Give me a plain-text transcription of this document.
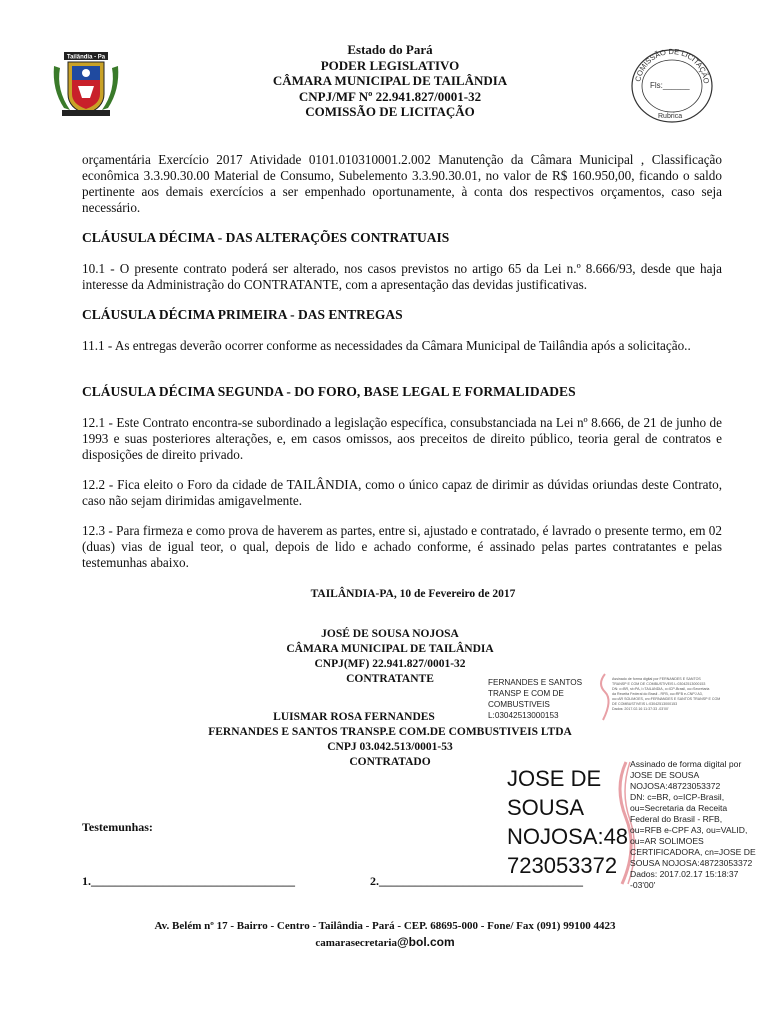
Tailândia - Pa
Estado do Pará
PODER LEGISLATIVO
CÂMARA MUNICIPAL DE TAILÂNDIA
CNPJ/MF Nº 22.941.827/0001-32
COMISSÃO DE LICITAÇÃO
COMISSÃO DE LICITAÇÃO
Fls:______
Rubrica
orçamentária Exercício 2017 Atividade 0101.010310001.2.002 Manutenção da Câmara Municipal , Classificação econômica 3.3.90.30.00 Material de Consumo, Subelemento 3.3.90.30.01, no valor de R$ 160.950,00, ficando o saldo pertinente aos demais exercícios a ser empenhado oportunamente, à conta dos respectivos orçamentos, caso seja necessário.
CLÁUSULA DÉCIMA - DAS ALTERAÇÕES CONTRATUAIS
10.1 - O presente contrato poderá ser alterado, nos casos previstos no artigo 65 da Lei n.º 8.666/93, desde que haja interesse da Administração do CONTRATANTE, com a apresentação das devidas justificativas.
CLÁUSULA DÉCIMA PRIMEIRA - DAS ENTREGAS
11.1 - As entregas deverão ocorrer conforme as necessidades da Câmara Municipal de Tailândia após a solicitação..
CLÁUSULA DÉCIMA SEGUNDA - DO FORO, BASE LEGAL E FORMALIDADES
12.1 - Este Contrato encontra-se subordinado a legislação específica, consubstanciada na Lei nº 8.666, de 21 de junho de 1993 e suas posteriores alterações, e, em casos omissos, aos preceitos de direito público, teoria geral de contratos e disposições de direito privado.
12.2 - Fica eleito o Foro da cidade de TAILÂNDIA, como o único capaz de dirimir as dúvidas oriundas deste Contrato, caso não sejam dirimidas amigavelmente.
12.3 - Para firmeza e como prova de haverem as partes, entre si, ajustado e contratado, é lavrado o presente termo, em 02 (duas) vias de igual teor, o qual, depois de lido e achado conforme, é assinado pelas partes contratantes e pelas testemunhas abaixo.
TAILÂNDIA-PA, 10 de Fevereiro de 2017
JOSÉ DE SOUSA NOJOSA
CÂMARA MUNICIPAL DE TAILÂNDIA
CNPJ(MF) 22.941.827/0001-32
CONTRATANTE	FERNANDES E SANTOS
TRANSP E COM DE
COMBUSTIVEIS
L:03042513000153
Assinado de forma digital por FERNANDES E SANTOS
TRANSP E COM DE COMBUSTIVEIS L:03042513000153
DN: c=BR, st=PA, l=TAILANDIA, o=ICP-Brasil, ou=Secretaria
da Receita Federal do Brasil - RFB, ou=RFB e-CNPJ A3,
ou=AR SOLIMOES, cn=FERNANDES E SANTOS TRANSP E COM
DE COMBUSTIVEIS L:03042513000153
Dados: 2017.02.16 11:37:33 -03'00'
LUISMAR ROSA FERNANDES
FERNANDES E SANTOS TRANSP.E COM.DE COMBUSTIVEIS LTDA
CNPJ 03.042.513/0001-53
CONTRATADO
JOSE DE
SOUSA
NOJOSA:48
723053372
Assinado de forma digital por
JOSE DE SOUSA
NOJOSA:48723053372
DN: c=BR, o=ICP-Brasil,
ou=Secretaria da Receita
Federal do Brasil - RFB,
ou=RFB e-CPF A3, ou=VALID,
ou=AR SOLIMOES
CERTIFICADORA, cn=JOSE DE
SOUSA NOJOSA:48723053372
Dados: 2017.02.17 15:18:37
-03'00'
Testemunhas:
1.__________________________________	2.__________________________________
Av. Belém nº 17 - Bairro - Centro - Tailândia - Pará - CEP. 68695-000 - Fone/ Fax (091) 99100 4423
camarasecretaria@bol.com
